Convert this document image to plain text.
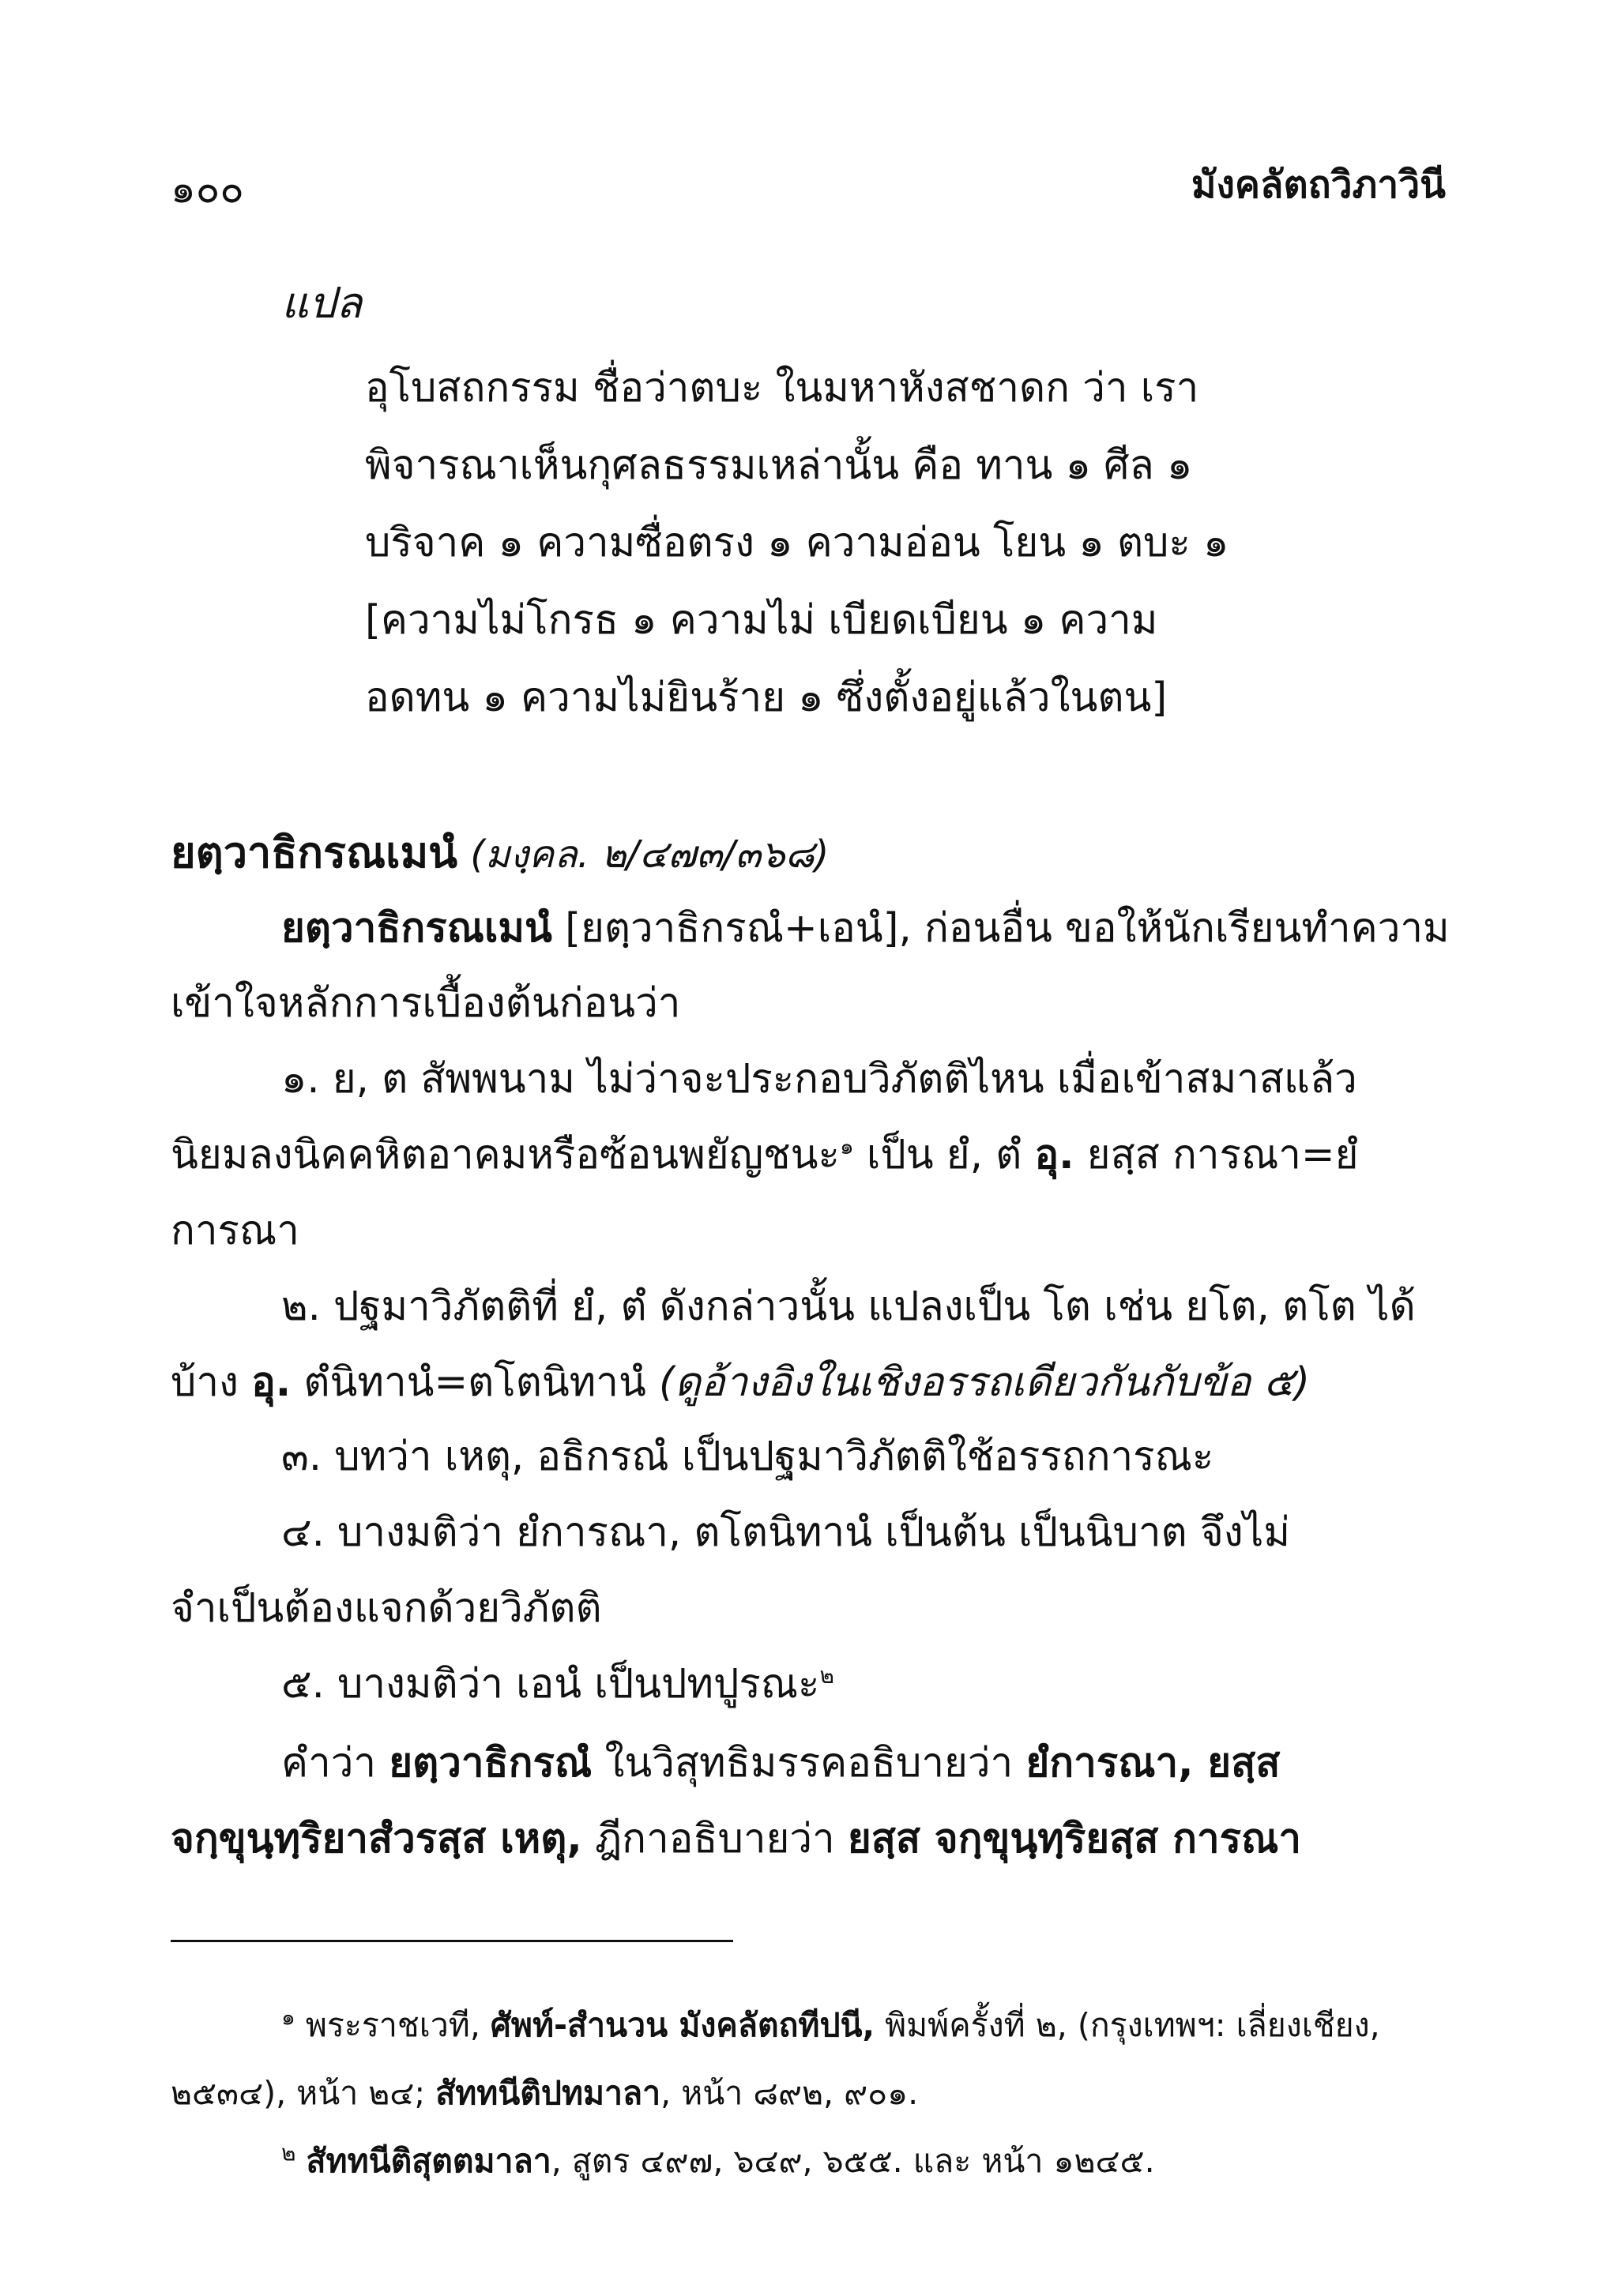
๑๐๐	มังคลัตถวิภาวินี
แปล
อุโบสถกรรม ชื่อว่าตบะ ในมหาหังสชาดก ว่า เรา
พิจารณาเห็นกุศลธรรมเหล่านั้น คือ ทาน ๑ ศีล ๑
บริจาค ๑ ความซื่อตรง ๑ ความอ่อน โยน ๑ ตบะ ๑
[ความไม่โกรธ ๑ ความไม่ เบียดเบียน ๑ ความ
อดทน ๑ ความไม่ยินร้าย ๑ ซึ่งตั้งอยู่แล้วในตน]
ยตฺวาธิกรณเมนํ (มงฺคล. ๒/๔๗๓/๓๖๘)
ยตฺวาธิกรณเมนํ [ยตฺวาธิกรณํ+เอนํ], ก่อนอื่น ขอให้นักเรียนทำความ
เข้าใจหลักการเบื้องต้นก่อนว่า
๑. ย, ต สัพพนาม ไม่ว่าจะประกอบวิภัตติไหน เมื่อเข้าสมาสแล้ว
นิยมลงนิคคหิตอาคมหรือซ้อนพยัญชนะ$^๑$ เป็น ยํ, ตํ อุ. ยสฺส การณา=ยํ
การณา
๒. ปฐมาวิภัตติที่ ยํ, ตํ ดังกล่าวนั้น แปลงเป็น โต เช่น ยโต, ตโต ได้
บ้าง อุ. ตํนิทานํ=ตโตนิทานํ (ดูอ้างอิงในเชิงอรรถเดียวกันกับข้อ ๕)
๓. บทว่า เหตุ, อธิกรณํ เป็นปฐมาวิภัตติใช้อรรถการณะ
๔. บางมติว่า ยํการณา, ตโตนิทานํ เป็นต้น เป็นนิบาต จึงไม่
จำเป็นต้องแจกด้วยวิภัตติ
๕. บางมติว่า เอนํ เป็นปทปูรณะ$^๒$
คำว่า ยตฺวาธิกรณํ ในวิสุทธิมรรคอธิบายว่า ยํการณา, ยสฺส
จกฺขุนฺทฺริยาสํวรสฺส เหตุ, ฎีกาอธิบายว่า ยสฺส จกฺขุนฺทฺริยสฺส การณา
$^๑$ พระราชเวที, ศัพท์-สำนวน มังคลัตถทีปนี, พิมพ์ครั้งที่ ๒, (กรุงเทพฯ: เลี่ยงเชียง,
๒๕๓๔), หน้า ๒๔; สัททนีติปทมาลา, หน้า ๘๙๒, ๙๐๑.
$^๒$ สัททนีติสุตตมาลา, สูตร ๔๙๗, ๖๔๙, ๖๕๕. และ หน้า ๑๒๔๕.
